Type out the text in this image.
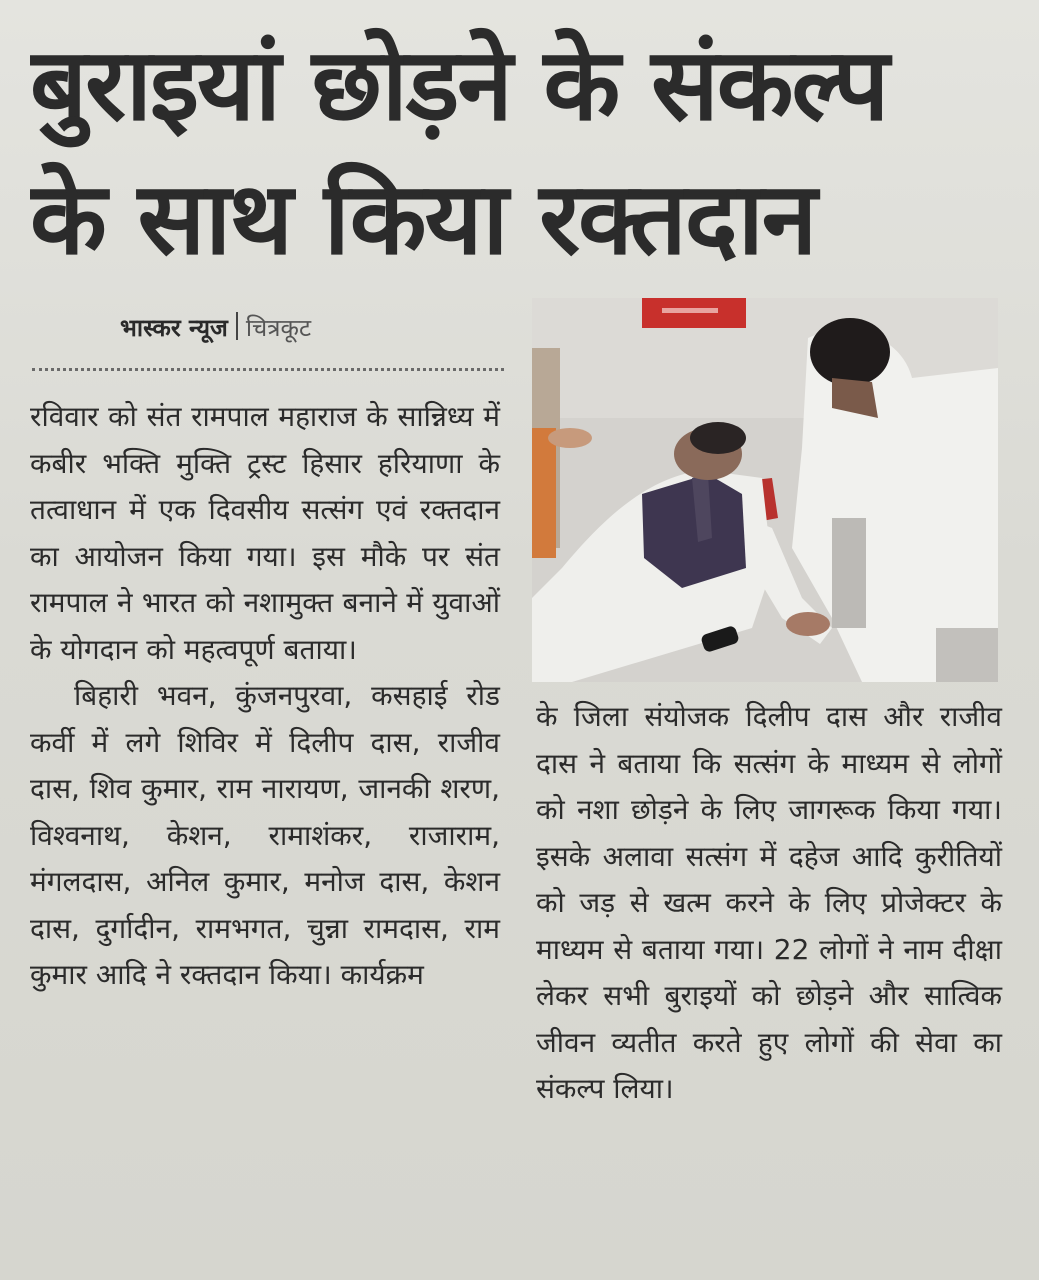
बुराइयां छोड़ने के संकल्प
के साथ किया रक्तदान
भास्कर न्यूज चित्रकूट

रविवार को संत रामपाल महाराज के सान्निध्य में कबीर भक्ति मुक्ति ट्रस्ट हिसार हरियाणा के तत्वाधान में एक दिवसीय सत्संग एवं रक्तदान का आयोजन किया गया। इस मौके पर संत रामपाल ने भारत को नशामुक्त बनाने में युवाओं के योगदान को महत्वपूर्ण बताया।

बिहारी भवन, कुंजनपुरवा, कसहाई रोड कर्वी में लगे शिविर में दिलीप दास, राजीव दास, शिव कुमार, राम नारायण, जानकी शरण, विश्वनाथ, केशन, रामाशंकर, राजाराम, मंगलदास, अनिल कुमार, मनोज दास, केशन दास, दुर्गादीन, रामभगत, चुन्ना रामदास, राम कुमार आदि ने रक्तदान किया। कार्यक्रम

के जिला संयोजक दिलीप दास और राजीव दास ने बताया कि सत्संग के माध्यम से लोगों को नशा छोड़ने के लिए जागरूक किया गया। इसके अलावा सत्संग में दहेज आदि कुरीतियों को जड़ से खत्म करने के लिए प्रोजेक्टर के माध्यम से बताया गया। 22 लोगों ने नाम दीक्षा लेकर सभी बुराइयों को छोड़ने और सात्विक जीवन व्यतीत करते हुए लोगों की सेवा का संकल्प लिया।
